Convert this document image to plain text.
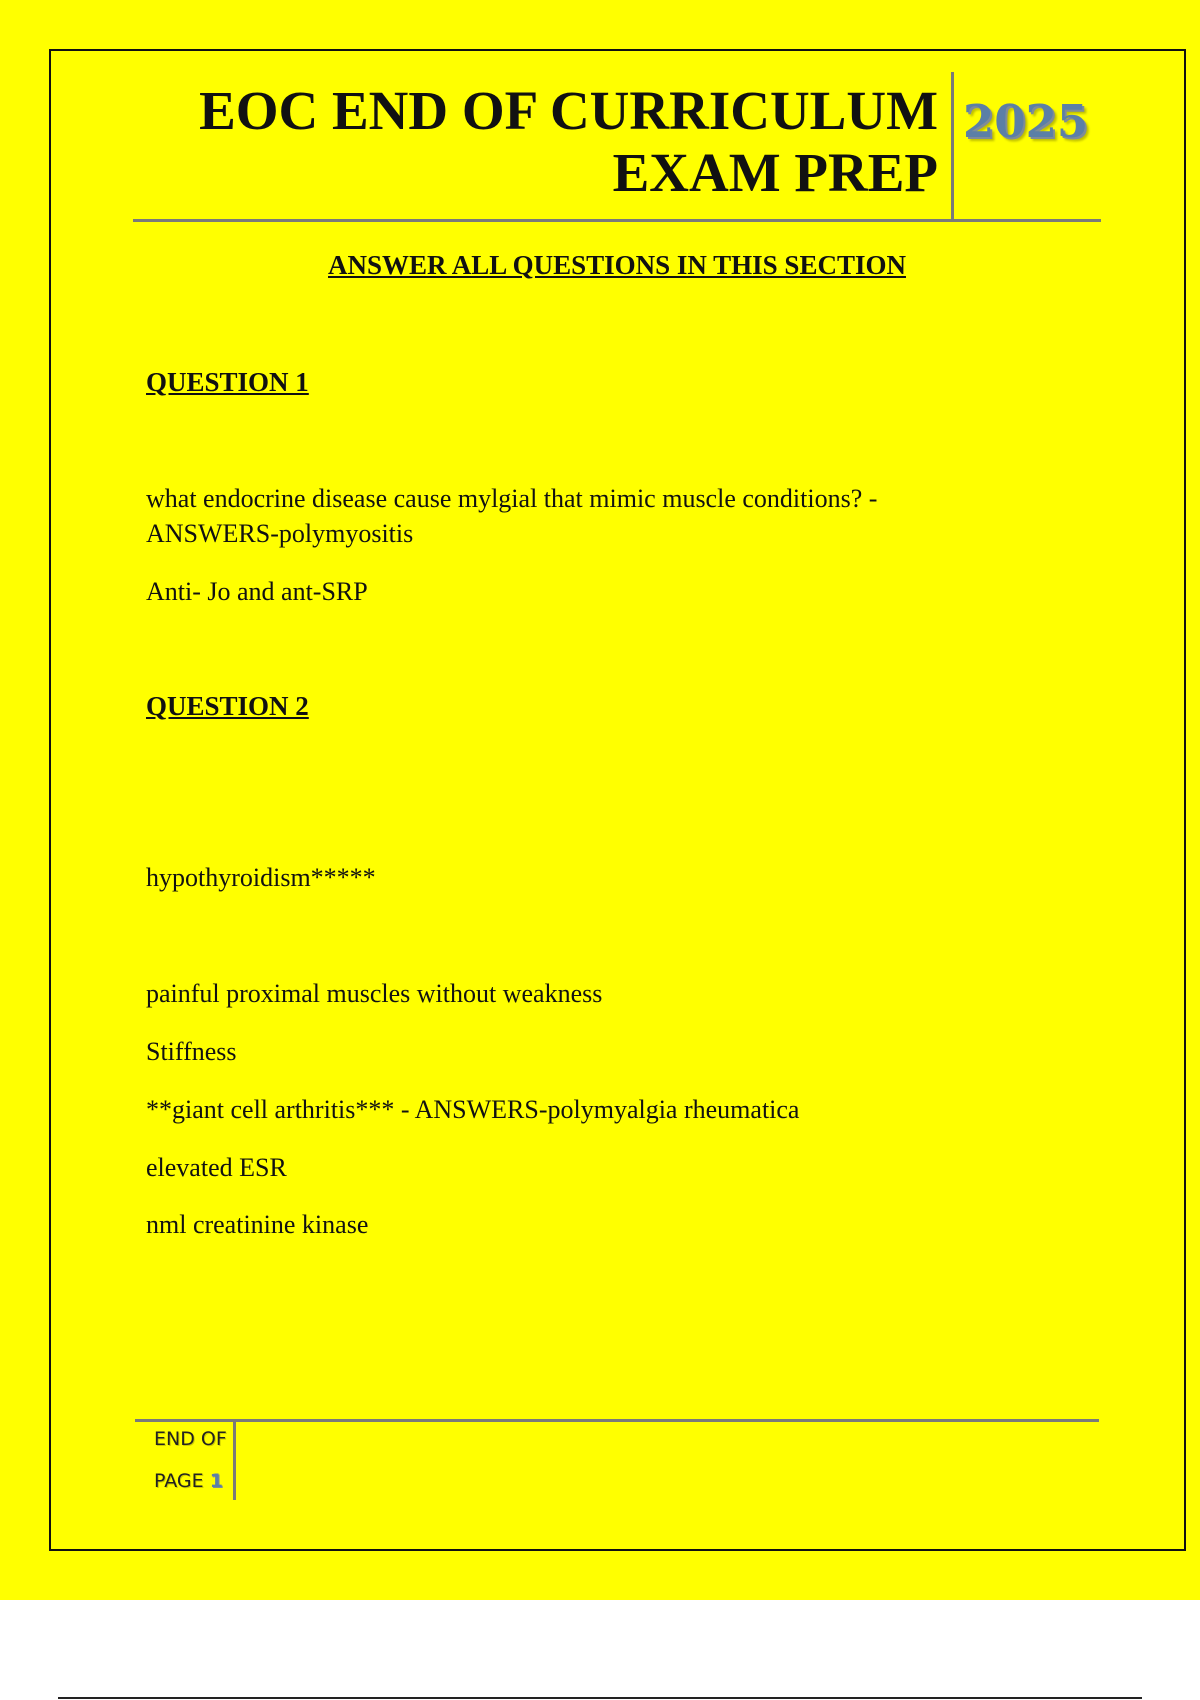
EOC END OF CURRICULUM
EXAM PREP
2025
ANSWER ALL QUESTIONS IN THIS SECTION
QUESTION 1
what endocrine disease cause mylgial that mimic muscle conditions? -
ANSWERS-polymyositis
Anti- Jo and ant-SRP
QUESTION 2
hypothyroidism*****
painful proximal muscles without weakness
Stiffness
**giant cell arthritis*** - ANSWERS-polymyalgia rheumatica
elevated ESR
nml creatinine kinase
END OF
PAGE 1
